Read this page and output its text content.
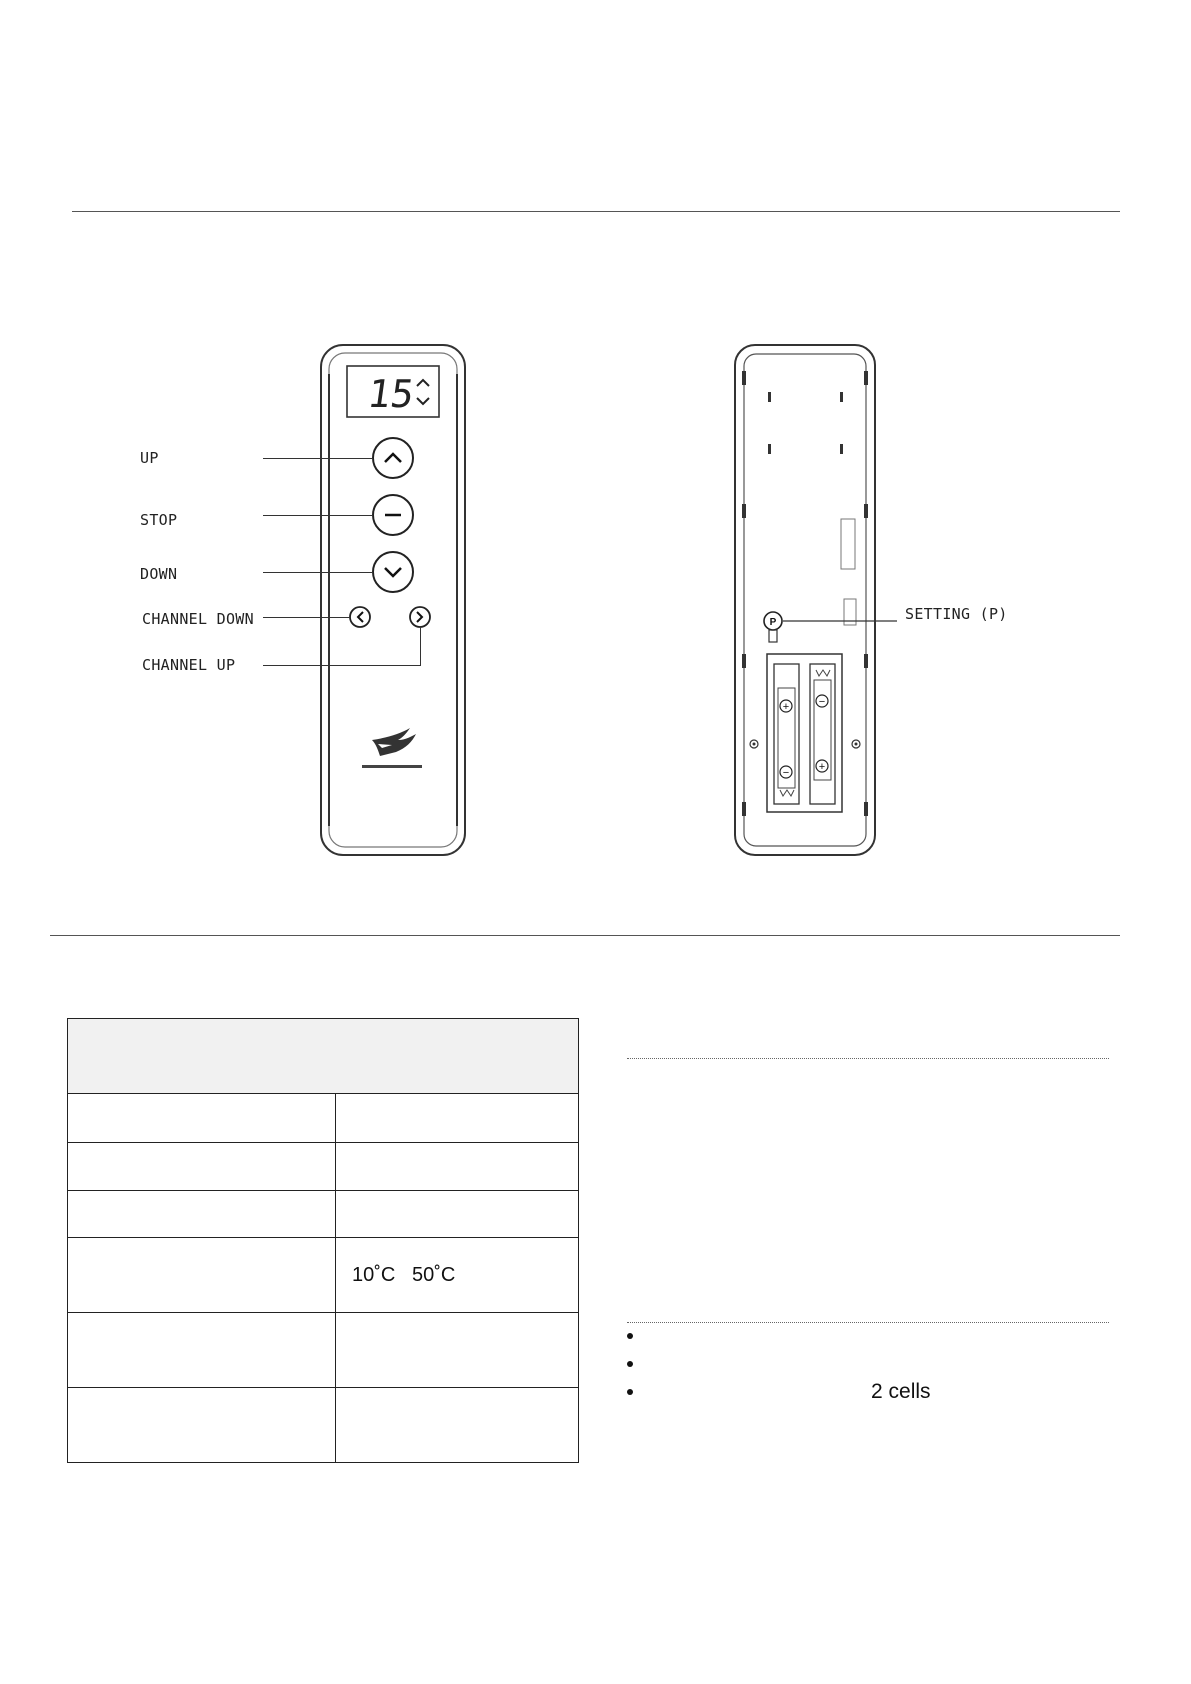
15
SMARTWINGS
UP
STOP
DOWN
CHANNEL DOWN
CHANNEL UP
P
+
−
−
+
SETTING (P)

	10˚C   50˚C

2 cells
